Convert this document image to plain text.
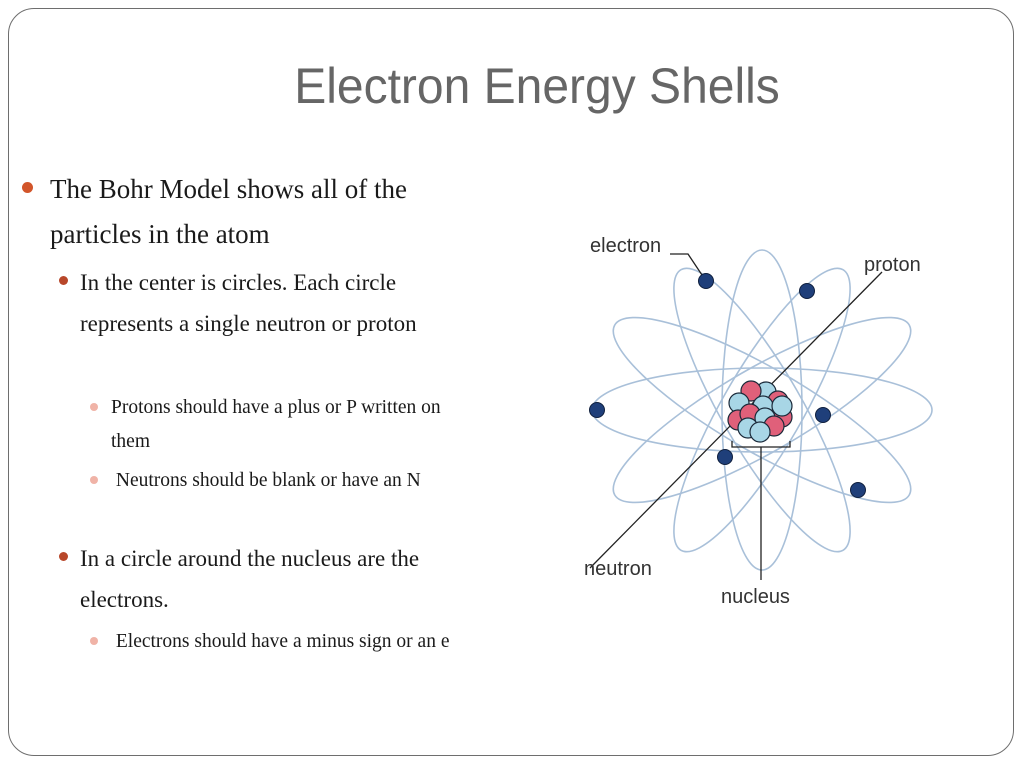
Electron Energy Shells
The Bohr Model shows all of the particles in the atom
In the center is circles. Each circle represents a single neutron or proton
Protons should have a plus or P written on them
Neutrons should be blank or have an N
In a circle around the nucleus are the electrons.
Electrons should have a minus sign or an e
electron
proton
neutron
nucleus
